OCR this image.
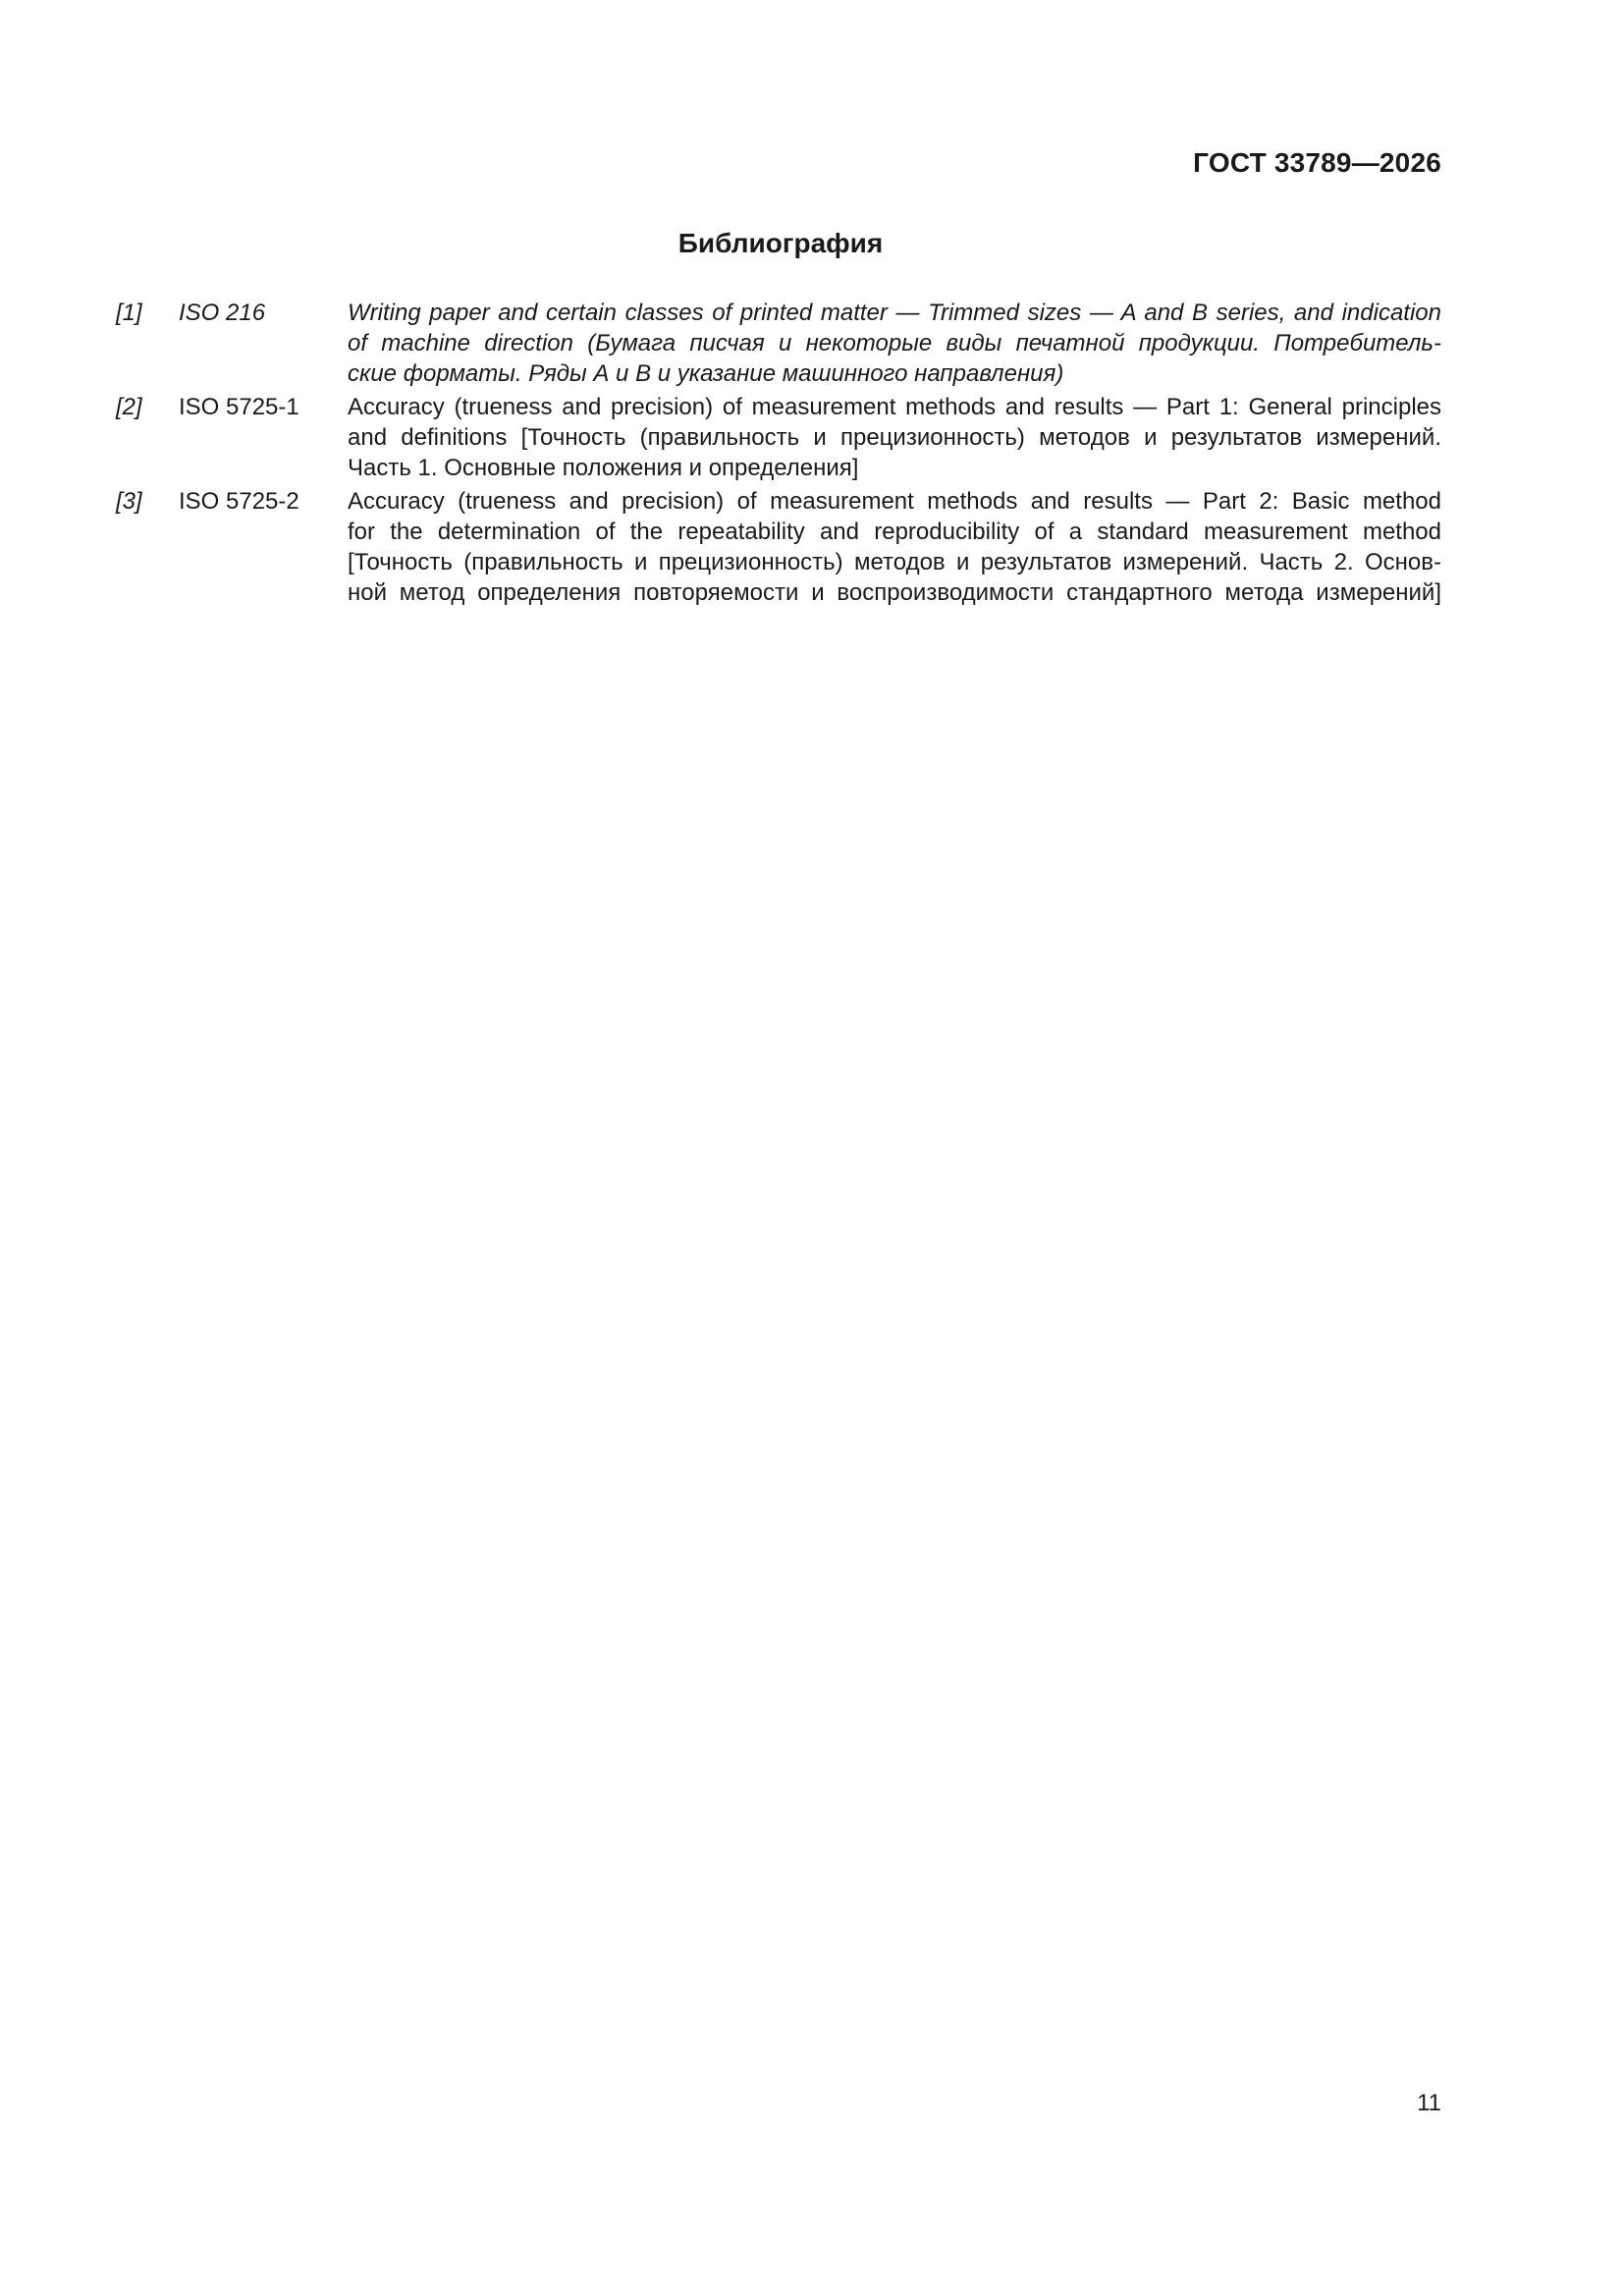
ГОСТ 33789—2026
Библиография
[1]	ISO 216	Writing paper and certain classes of printed matter — Trimmed sizes — A and B series, and indication
of machine direction (Бумага писчая и некоторые виды печатной продукции. Потребитель-
ские форматы. Ряды А и В и указание машинного направления)
[2]	ISO 5725-1	Accuracy (trueness and precision) of measurement methods and results — Part 1: General principles
and definitions [Точность (правильность и прецизионность) методов и результатов измерений.
Часть 1. Основные положения и определения]
[3]	ISO 5725-2	Accuracy (trueness and precision) of measurement methods and results — Part 2: Basic method
for the determination of the repeatability and reproducibility of a standard measurement method
[Точность (правильность и прецизионность) методов и результатов измерений. Часть 2. Основ-
ной метод определения повторяемости и воспроизводимости стандартного метода измерений]
11
